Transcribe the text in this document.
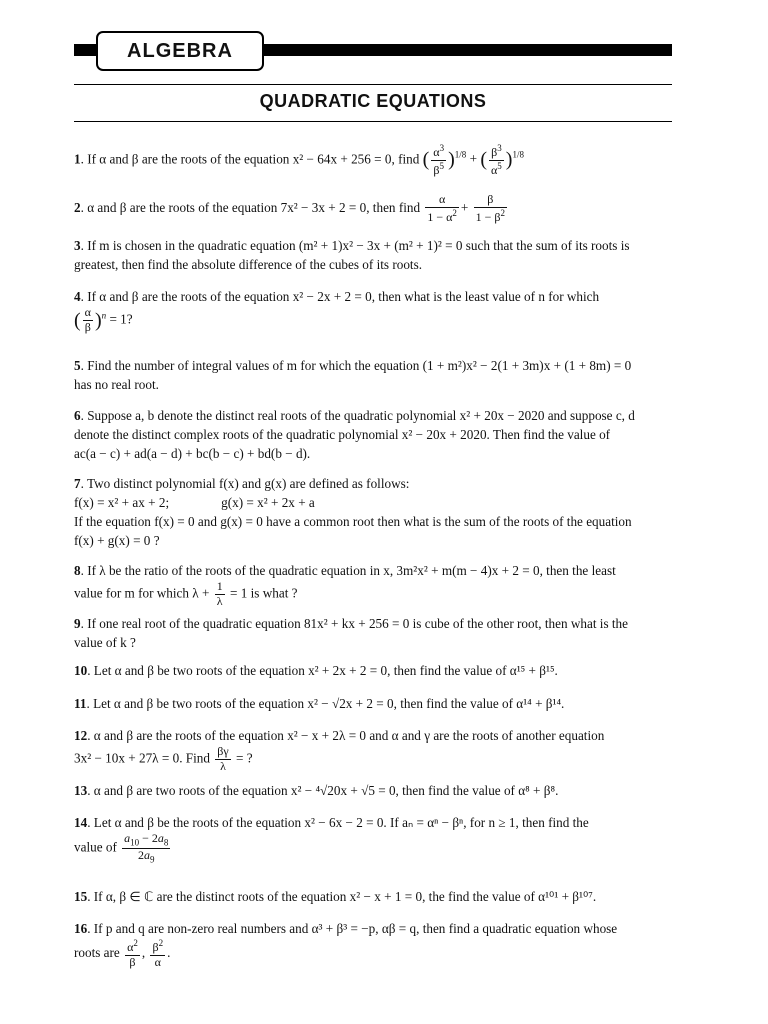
ALGEBRA
QUADRATIC EQUATIONS
1. If α and β are the roots of the equation x² − 64x + 256 = 0, find ( $\frac{\alpha^3}{\beta^5} )^{1/8}$ + ( $\frac{\beta^3}{\alpha^5} )^{1/8}$
2. α and β are the roots of the equation 7x² − 3x + 2 = 0, then find $\frac{\alpha}{1 - \alpha^2} + \frac{\beta}{1 - \beta^2}$
3. If m is chosen in the quadratic equation (m² + 1)x² − 3x + (m² + 1)² = 0 such that the sum of its roots is
greatest, then find the absolute difference of the cubes of its roots.
4. If α and β are the roots of the equation x² − 2x + 2 = 0, then what is the least value of n for which
( $\frac{\alpha}{\beta} )^n = 1$?
5. Find the number of integral values of m for which the equation (1 + m²)x² − 2(1 + 3m)x + (1 + 8m) = 0
has no real root.
6. Suppose a, b denote the distinct real roots of the quadratic polynomial x² + 20x − 2020 and suppose c, d
denote the distinct complex roots of the quadratic polynomial x² − 20x + 2020. Then find the value of
ac(a − c) + ad(a − d) + bc(b − c) + bd(b − d).
7. Two distinct polynomial f(x) and g(x) are defined as follows:
f(x) = x² + ax + 2;	g(x) = x² + 2x + a
If the equation f(x) = 0 and g(x) = 0 have a common root then what is the sum of the roots of the equation
f(x) + g(x) = 0 ?
8. If λ be the ratio of the roots of the quadratic equation in x, 3m²x² + m(m − 4)x + 2 = 0, then the least
value for m for which $\lambda + \frac{1}{\lambda} = 1$ is what ?
9. If one real root of the quadratic equation 81x² + kx + 256 = 0 is cube of the other root, then what is the
value of k ?
10. Let α and β be two roots of the equation x² + 2x + 2 = 0, then find the value of α¹⁵ + β¹⁵.
11. Let α and β be two roots of the equation x² − √2x + 2 = 0, then find the value of α¹⁴ + β¹⁴.
12. α and β are the roots of the equation x² − x + 2λ = 0 and α and γ are the roots of another equation
3x² − 10x + 27λ = 0. Find $\frac{\beta\gamma}{\lambda}$ = ?
13. α and β are two roots of the equation x² − ⁴√20x + √5 = 0, then find the value of α⁸ + β⁸.
14. Let α and β be the roots of the equation x² − 6x − 2 = 0. If aₙ = αⁿ − βⁿ, for n ≥ 1, then find the
value of $\frac{a_{10} - 2a_8}{2a_9}$
15. If α, β ∈ ℂ are the distinct roots of the equation x² − x + 1 = 0, the find the value of α¹⁰¹ + β¹⁰⁷.
16. If p and q are non-zero real numbers and α³ + β³ = −p, αβ = q, then find a quadratic equation whose
roots are $\frac{\alpha^2}{\beta}$ , $\frac{\beta^2}{\alpha}$ .
